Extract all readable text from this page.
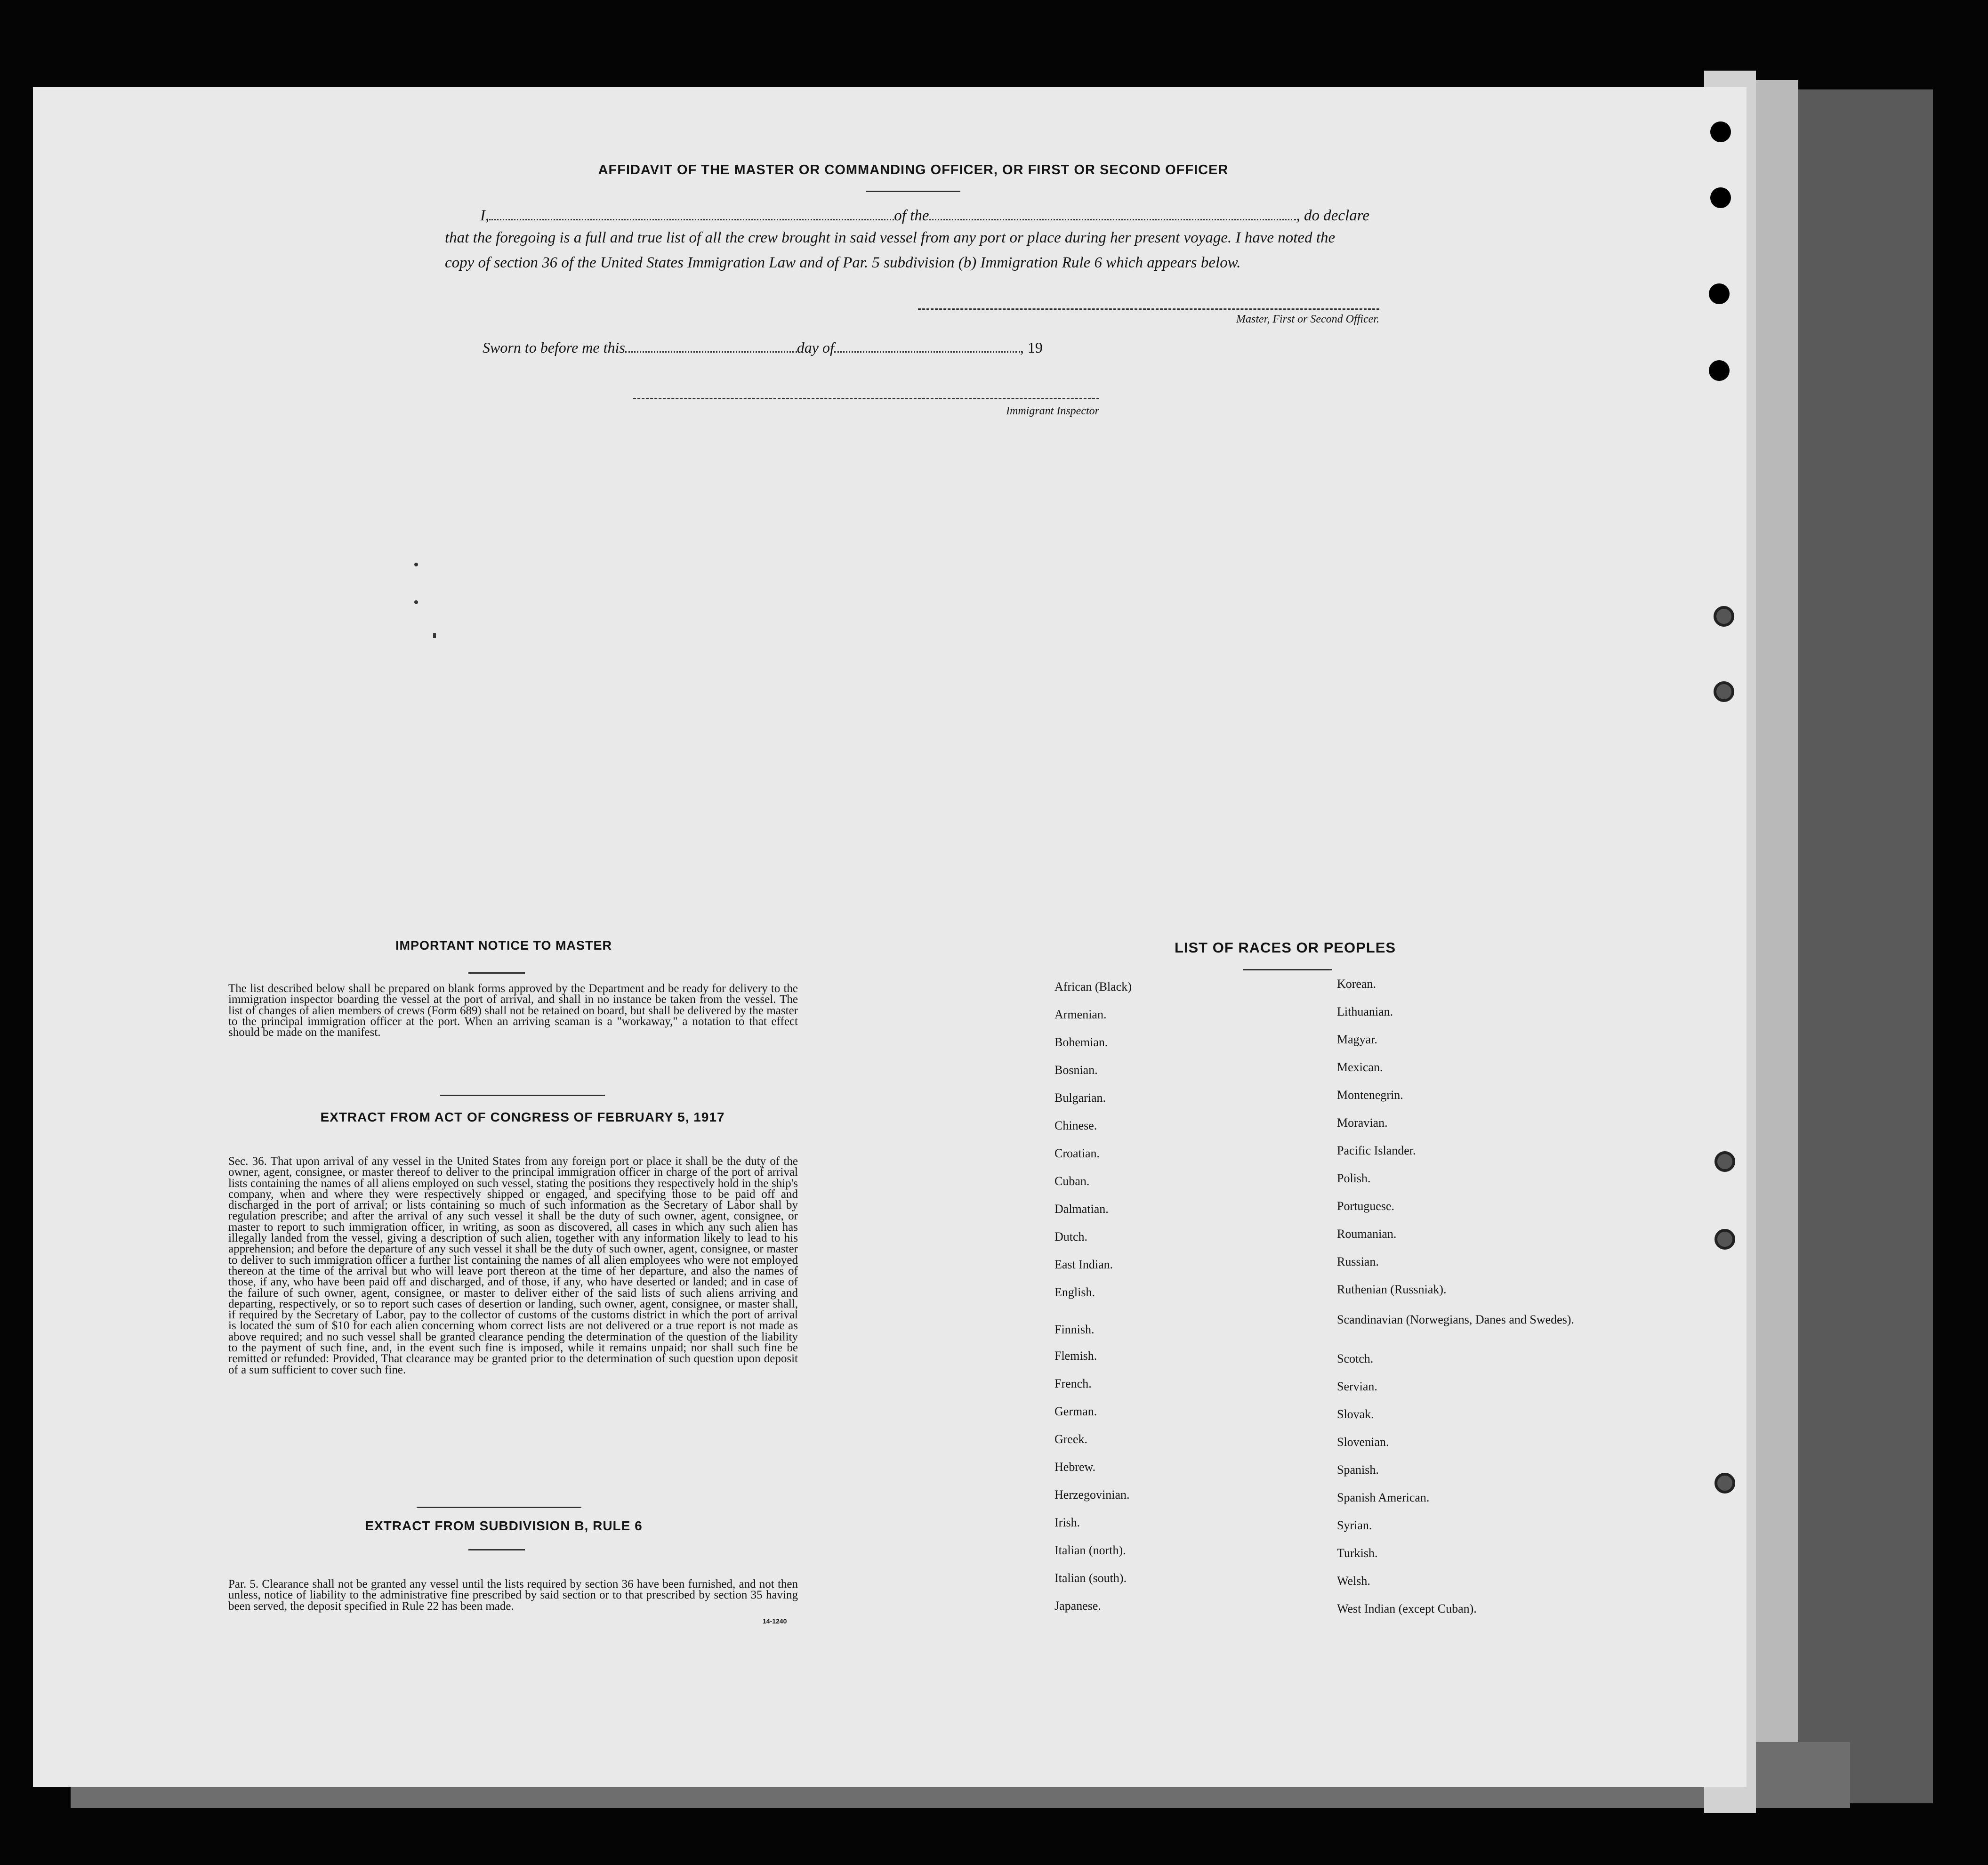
AFFIDAVIT OF THE MASTER OR COMMANDING OFFICER, OR FIRST OR SECOND OFFICER
I,	of the	, do declare
that the foregoing is a full and true list of all the crew brought in said vessel from any port or place during her present voyage. I have noted the
copy of section 36 of the United States Immigration Law and of Par. 5 subdivision (b) Immigration Rule 6 which appears below.
Master, First or Second Officer.
Sworn to before me this	day of	, 19
Immigrant Inspector
IMPORTANT NOTICE TO MASTER
The list described below shall be prepared on blank forms approved by the Department and be ready for delivery to the immigration inspector boarding the vessel at the port of arrival, and shall in no instance be taken from the vessel. The list of changes of alien members of crews (Form 689) shall not be retained on board, but shall be delivered by the master to the principal immigration officer at the port. When an arriving seaman is a "workaway," a notation to that effect should be made on the manifest.
EXTRACT FROM ACT OF CONGRESS OF FEBRUARY 5, 1917
Sec. 36. That upon arrival of any vessel in the United States from any foreign port or place it shall be the duty of the owner, agent, consignee, or master thereof to deliver to the principal immigration officer in charge of the port of arrival lists containing the names of all aliens employed on such vessel, stating the positions they respectively hold in the ship's company, when and where they were respectively shipped or engaged, and specifying those to be paid off and discharged in the port of arrival; or lists containing so much of such information as the Secretary of Labor shall by regulation prescribe; and after the arrival of any such vessel it shall be the duty of such owner, agent, consignee, or master to report to such immigration officer, in writing, as soon as discovered, all cases in which any such alien has illegally landed from the vessel, giving a description of such alien, together with any information likely to lead to his apprehension; and before the departure of any such vessel it shall be the duty of such owner, agent, consignee, or master to deliver to such immigration officer a further list containing the names of all alien employees who were not employed thereon at the time of the arrival but who will leave port thereon at the time of her departure, and also the names of those, if any, who have been paid off and discharged, and of those, if any, who have deserted or landed; and in case of the failure of such owner, agent, consignee, or master to deliver either of the said lists of such aliens arriving and departing, respectively, or so to report such cases of desertion or landing, such owner, agent, consignee, or master shall, if required by the Secretary of Labor, pay to the collector of customs of the customs district in which the port of arrival is located the sum of $10 for each alien concerning whom correct lists are not delivered or a true report is not made as above required; and no such vessel shall be granted clearance pending the determination of the question of the liability to the payment of such fine, and, in the event such fine is imposed, while it remains unpaid; nor shall such fine be remitted or refunded: Provided, That clearance may be granted prior to the determination of such question upon deposit of a sum sufficient to cover such fine.
EXTRACT FROM SUBDIVISION B, RULE 6
Par. 5. Clearance shall not be granted any vessel until the lists required by section 36 have been furnished, and not then unless, notice of liability to the administrative fine prescribed by said section or to that prescribed by section 35 having been served, the deposit specified in Rule 22 has been made.
14-1240
LIST OF RACES OR PEOPLES
African (Black)
Armenian.
Bohemian.
Bosnian.
Bulgarian.
Chinese.
Croatian.
Cuban.
Dalmatian.
Dutch.
East Indian.
English.
Finnish.
Flemish.
French.
German.
Greek.
Hebrew.
Herzegovinian.
Irish.
Italian (north).
Italian (south).
Japanese.
Korean.
Lithuanian.
Magyar.
Mexican.
Montenegrin.
Moravian.
Pacific Islander.
Polish.
Portuguese.
Roumanian.
Russian.
Ruthenian (Russniak).
Scandinavian (Norwegians, Danes and Swedes).
Scotch.
Servian.
Slovak.
Slovenian.
Spanish.
Spanish American.
Syrian.
Turkish.
Welsh.
West Indian (except Cuban).
